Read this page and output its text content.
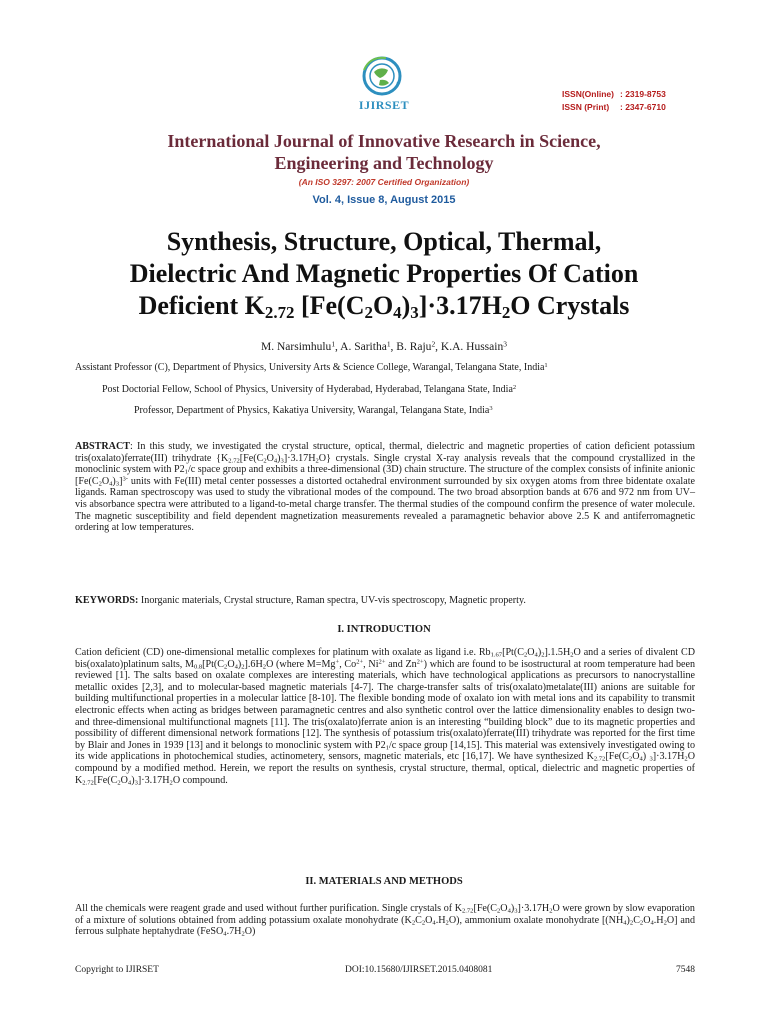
IJIRSET
ISSN(Online) : 2319-8753
ISSN (Print) : 2347-6710
International Journal of Innovative Research in Science,
Engineering and Technology
(An ISO 3297: 2007 Certified Organization)
Vol. 4, Issue 8, August 2015
Synthesis, Structure, Optical, Thermal,
Dielectric And Magnetic Properties Of Cation
Deficient $K_{2.72}$ $[Fe(C_2O_4)_3]\cdot 3.17H_2O$ Crystals
M. Narsimhulu$^1$, A. Saritha$^1$, B. Raju$^2$, K.A. Hussain$^3$
Assistant Professor (C), Department of Physics, University Arts & Science College, Warangal, Telangana State, India$^1$
Post Doctorial Fellow, School of Physics, University of Hyderabad, Hyderabad, Telangana State, India$^2$
Professor, Department of Physics, Kakatiya University, Warangal, Telangana State, India$^3$
ABSTRACT: In this study, we investigated the crystal structure, optical, thermal, dielectric and magnetic properties of cation deficient potassium tris(oxalato)ferrate(III) trihydrate $\{K_{2.72}[Fe(C_2O_4)_3]\cdot 3.17H_2O\}$ crystals. Single crystal X-ray analysis reveals that the compound crystallized in the monoclinic system with $P2_1/c$ space group and exhibits a three-dimensional (3D) chain structure. The structure of the complex consists of infinite anionic $[Fe(C_2O_4)_3]^{3-}$ units with Fe(III) metal center possesses a distorted octahedral environment surrounded by six oxygen atoms from three bidentate oxalate ligands. Raman spectroscopy was used to study the vibrational modes of the compound. The two broad absorption bands at 676 and 972 nm from UV–vis absorbance spectra were attributed to a ligand-to-metal charge transfer. The thermal studies of the compound confirm the presence of water molecule. The magnetic susceptibility and field dependent magnetization measurements revealed a paramagnetic behavior above 2.5 K and antiferromagnetic ordering at low temperatures.
KEYWORDS: Inorganic materials, Crystal structure, Raman spectra, UV-vis spectroscopy, Magnetic property.
I. INTRODUCTION
Cation deficient (CD) one-dimensional metallic complexes for platinum with oxalate as ligand i.e. $Rb_{1.67}[Pt(C_2O_4)_2].1.5H_2O$ and a series of divalent CD bis(oxalato)platinum salts, $M_{0.8}[Pt(C_2O_4)_2].6H_2O$ (where M=Mg+, $Co^{2+}$, $Ni^{2+}$ and $Zn^{2+}$) which are found to be isostructural at room temperature had been reviewed [1]. The salts based on oxalate complexes are interesting materials, which have technological applications as precursors to nanocrystalline metallic oxides [2,3], and to molecular-based magnetic materials [4-7]. The charge-transfer salts of tris(oxalato)metalate(III) anions are suitable for building multifunctional properties in a molecular lattice [8-10]. The flexible bonding mode of oxalato ion with metal ions and its capability to transmit electronic effects when acting as bridges between paramagnetic centres and also synthetic control over the lattice dimensionality enables to design two- and three-dimensional multifunctional magnets [11]. The tris(oxalato)ferrate anion is an interesting “building block” due to its magnetic properties and possibility of different dimensional network formations [12]. The synthesis of potassium tris(oxalato)ferrate(III) trihydrate was reported for the first time by Blair and Jones in 1939 [13] and it belongs to monoclinic system with $P2_1/c$ space group [14,15]. This material was extensively investigated owing to its wide applications in photochemical studies, actinometery, sensors, magnetic materials, etc [16,17]. We have synthesized $K_{2.72}[Fe(C_2O_4)$ $_3]\cdot 3.17H_2O$ compound by a modified method. Herein, we report the results on synthesis, crystal structure, thermal, optical, dielectric and magnetic properties of $K_{2.72}[Fe(C_2O_4)_3]\cdot 3.17H_2O$ compound.
II. MATERIALS AND METHODS
All the chemicals were reagent grade and used without further purification. Single crystals of $K_{2.72}[Fe(C_2O_4)_3]\cdot 3.17H_2O$ were grown by slow evaporation of a mixture of solutions obtained from adding potassium oxalate monohydrate $(K_2C_2O_4.H_2O)$, ammonium oxalate monohydrate $[(NH_4)_2C_2O_4.H_2O]$ and ferrous sulphate heptahydrate $(FeSO_4.7H_2O)$
Copyright to IJIRSET	DOI:10.15680/IJIRSET.2015.0408081	7548
